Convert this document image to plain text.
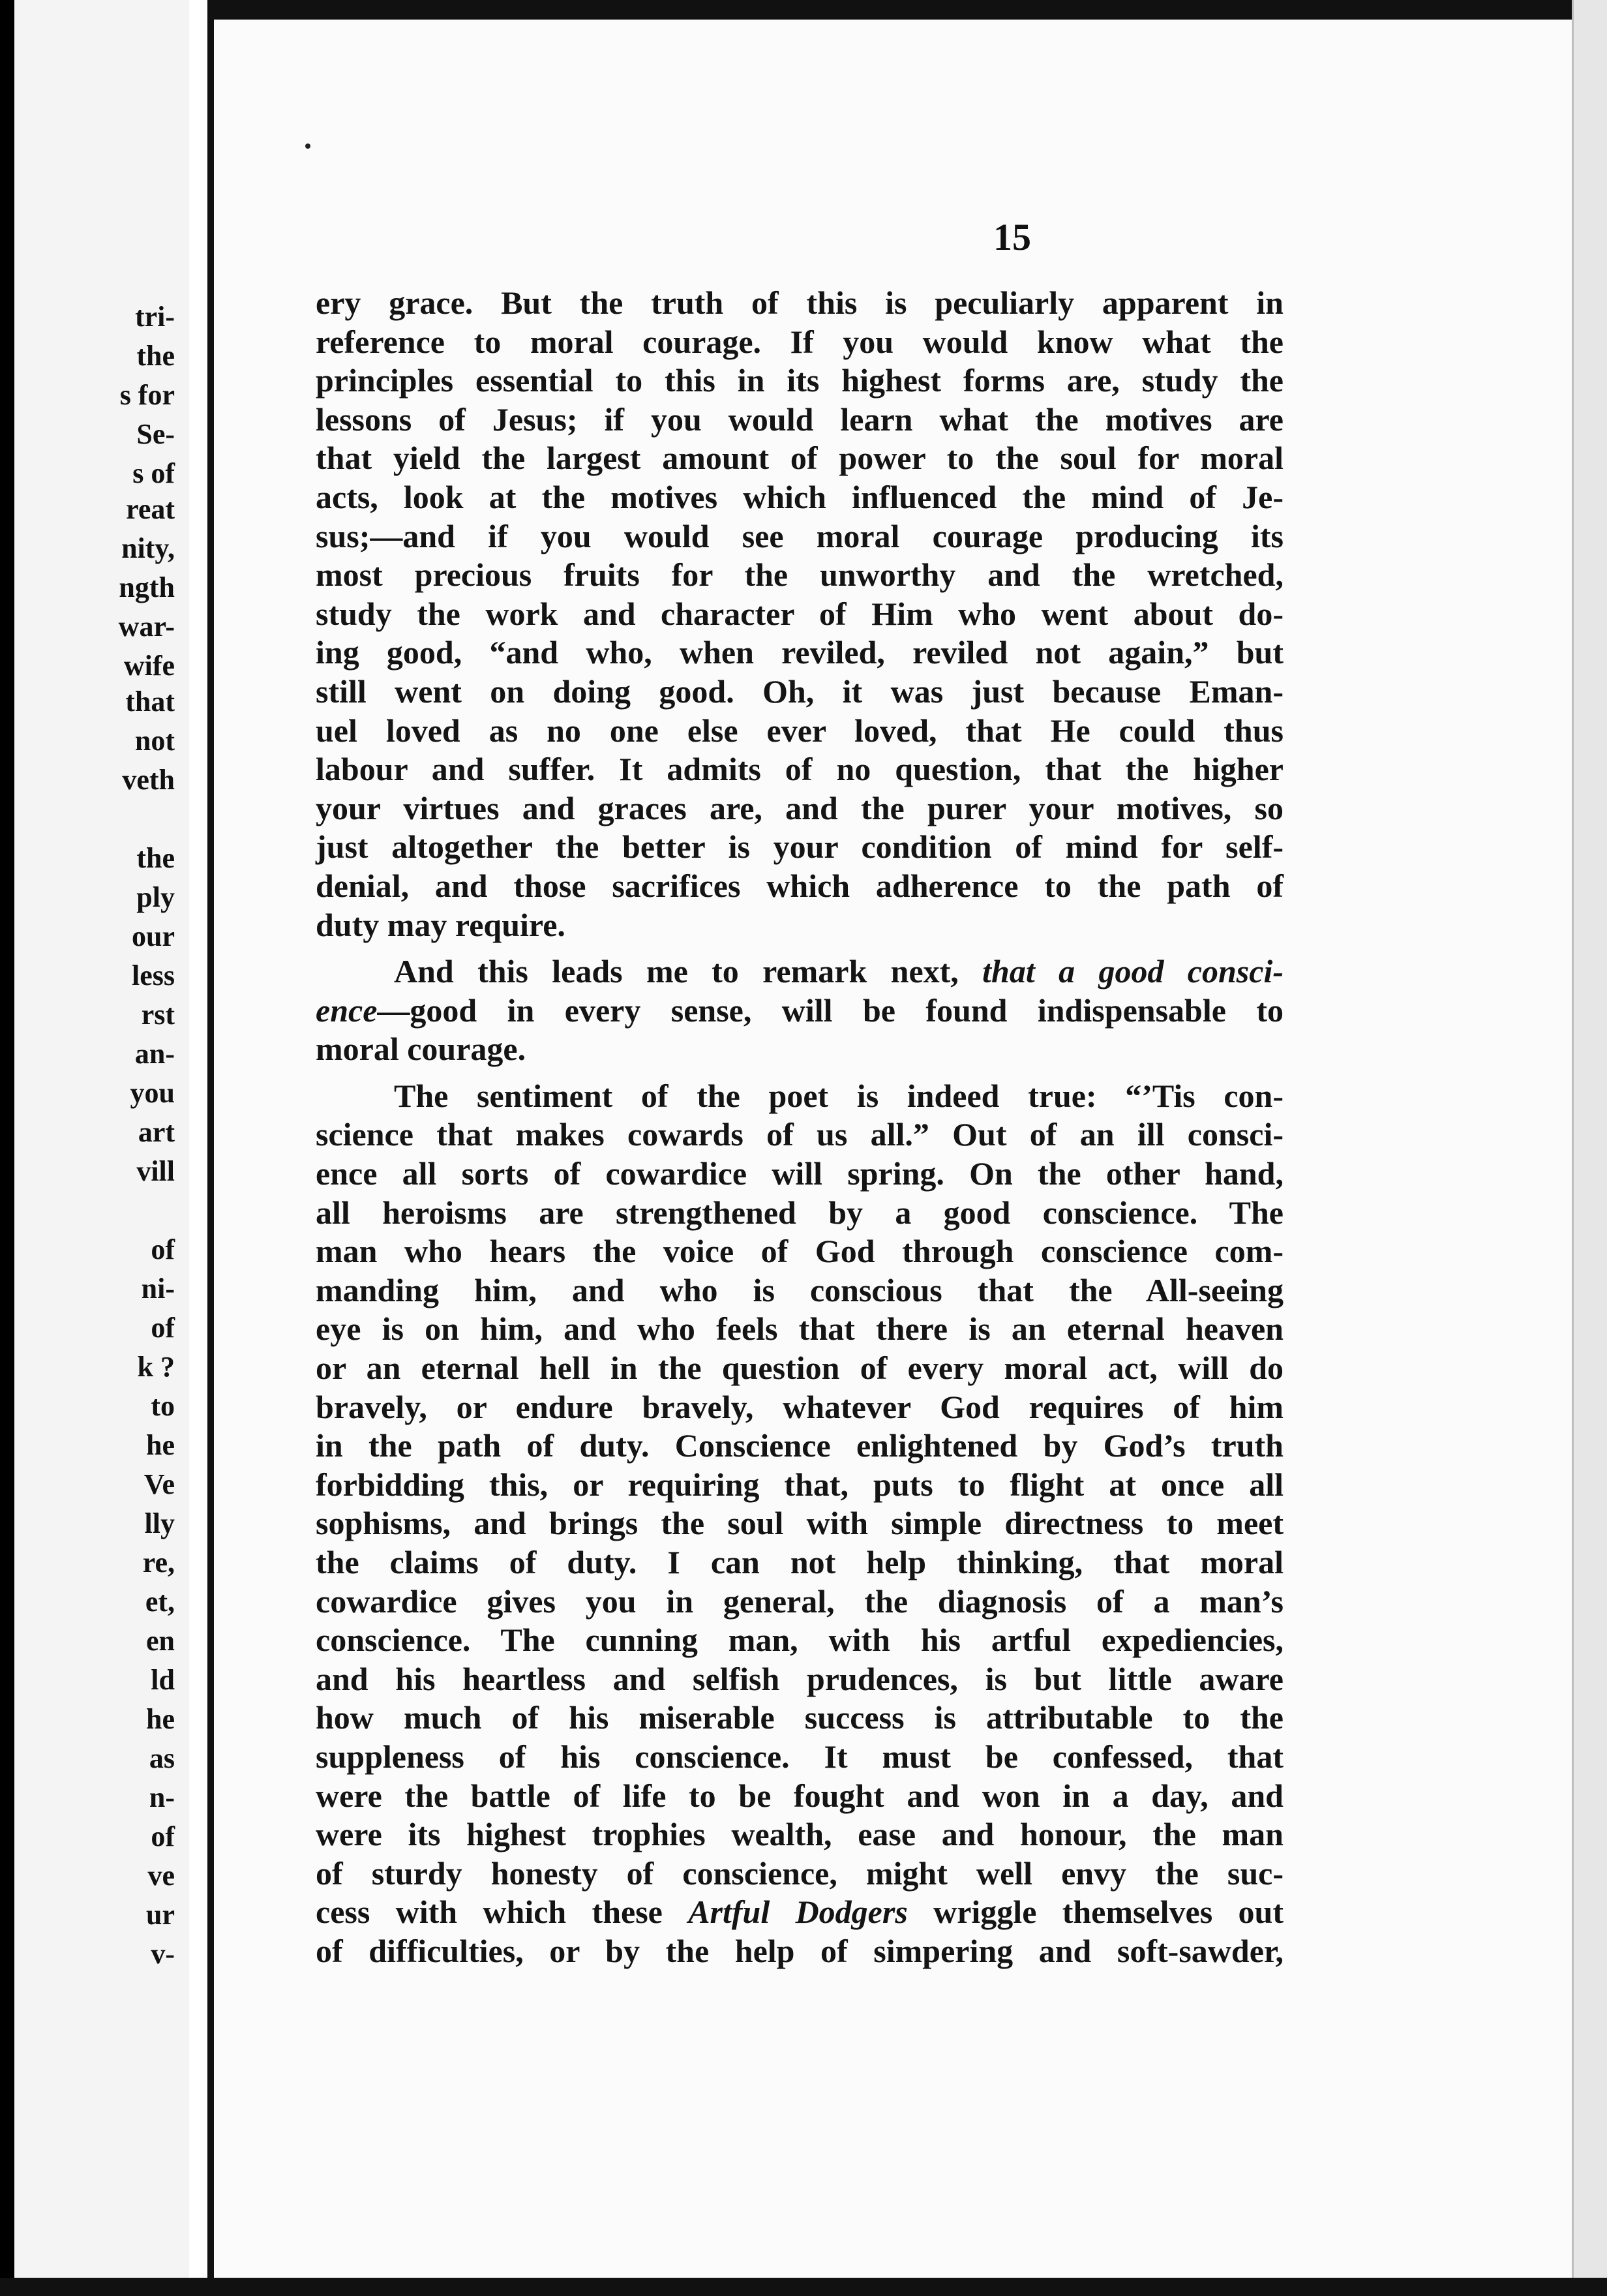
tri-
the
s for
Se-
s of
reat
nity,
ngth
war-
wife
that
not
veth
the
ply
our
less
rst
an-
you
art
vill
of
ni-
of
k ?
to
he
Ve
lly
re,
et,
en
ld
he
as
n-
of
ve
ur
v-
15
ery grace. But the truth of this is peculiarly apparent in
reference to moral courage. If you would know what the
principles essential to this in its highest forms are, study the
lessons of Jesus; if you would learn what the motives are
that yield the largest amount of power to the soul for moral
acts, look at the motives which influenced the mind of Je-
sus;—and if you would see moral courage producing its
most precious fruits for the unworthy and the wretched,
study the work and character of Him who went about do-
ing good, “and who, when reviled, reviled not again,” but
still went on doing good. Oh, it was just because Eman-
uel loved as no one else ever loved, that He could thus
labour and suffer. It admits of no question, that the higher
your virtues and graces are, and the purer your motives, so
just altogether the better is your condition of mind for self-
denial, and those sacrifices which adherence to the path of
duty may require.
And this leads me to remark next, that a good consci-
ence—good in every sense, will be found indispensable to
moral courage.
The sentiment of the poet is indeed true: “’Tis con-
science that makes cowards of us all.” Out of an ill consci-
ence all sorts of cowardice will spring. On the other hand,
all heroisms are strengthened by a good conscience. The
man who hears the voice of God through conscience com-
manding him, and who is conscious that the All-seeing
eye is on him, and who feels that there is an eternal heaven
or an eternal hell in the question of every moral act, will do
bravely, or endure bravely, whatever God requires of him
in the path of duty. Conscience enlightened by God’s truth
forbidding this, or requiring that, puts to flight at once all
sophisms, and brings the soul with simple directness to meet
the claims of duty. I can not help thinking, that moral
cowardice gives you in general, the diagnosis of a man’s
conscience. The cunning man, with his artful expediencies,
and his heartless and selfish prudences, is but little aware
how much of his miserable success is attributable to the
suppleness of his conscience. It must be confessed, that
were the battle of life to be fought and won in a day, and
were its highest trophies wealth, ease and honour, the man
of sturdy honesty of conscience, might well envy the suc-
cess with which these Artful Dodgers wriggle themselves out
of difficulties, or by the help of simpering and soft-sawder,
